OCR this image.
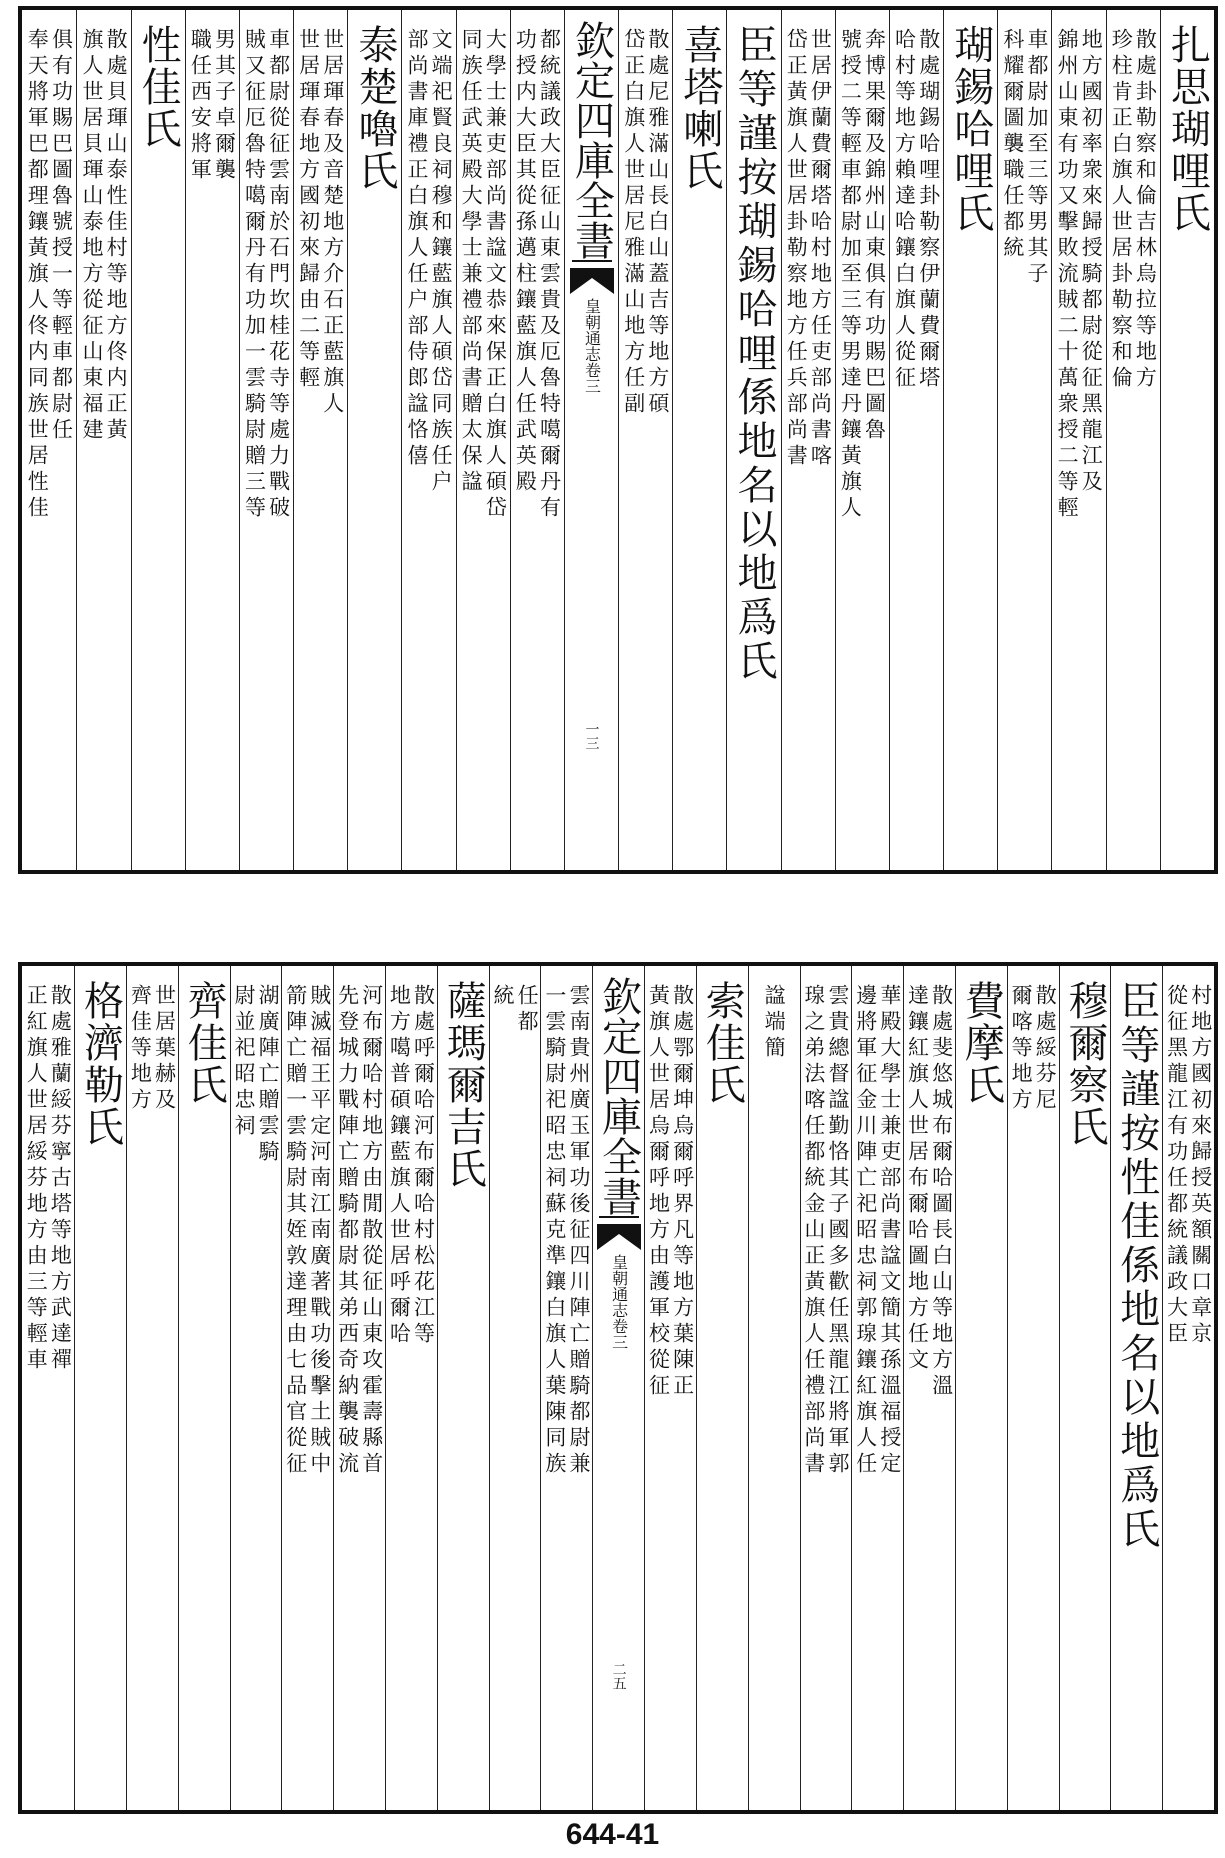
扎思瑚哩氏
散處卦勒察和倫吉林烏拉等地方
珍柱肯正白旗人世居卦勒察和倫
地方國初率衆來歸授騎都尉從征黑龍江及
錦州山東有功又擊敗流賊二十萬衆授二等輕
車都尉加至三等男其子
科耀爾圖襲職任都統
瑚錫哈哩氏
散處瑚錫哈哩卦勒察伊蘭費爾塔
哈村等地方賴達哈鑲白旗人從征
奔博果爾及錦州山東俱有功賜巴圖魯
號授二等輕車都尉加至三等男達丹鑲黃旗人
世居伊蘭費爾塔哈村地方任吏部尚書喀
岱正黃旗人世居卦勒察地方任兵部尚書
臣等謹按瑚錫哈哩係地名以地爲氏
喜塔喇氏
散處尼雅滿山長白山蓋吉等地方碩
岱正白旗人世居尼雅滿山地方任副
欽定四庫全書
皇朝通志
卷三
一三
都統議政大臣征山東雲貴及厄魯特噶爾丹有
功授内大臣其從孫邁柱鑲藍旗人任武英殿
大學士兼吏部尚書諡文恭來保正白旗人碩岱
同族任武英殿大學士兼禮部尚書贈太保諡
文端祀賢良祠穆和鑲藍旗人碩岱同族任户
部尚書庫禮正白旗人任户部侍郎諡恪僖
泰楚嚕氏
世居琿春及音楚地方介石正藍旗人
世居琿春地方國初來歸由二等輕
車都尉從征雲南於石門坎桂花寺等處力戰破
賊又征厄魯特噶爾丹有功加一雲騎尉贈三等
男其子卓爾襲
職任西安將軍
性佳氏
散處貝琿山泰性佳村等地方佟内正黃
旗人世居貝琿山泰地方從征山東福建
俱有功賜巴圖魯號授一等輕車都尉任
奉天將軍巴都理鑲黃旗人佟内同族世居性佳
村地方國初來歸授英額關口章京
從征黑龍江有功任都統議政大臣
臣等謹按性佳係地名以地爲氏
穆爾察氏
散處綏芬尼
爾喀等地方
費摩氏
散處斐悠城布爾哈圖長白山等地方溫
達鑲紅旗人世居布爾哈圖地方任文
華殿大學士兼吏部尚書諡文簡其孫溫福授定
邊將軍征金川陣亡祀昭忠祠郭瑔鑲紅旗人任
雲貴總督諡勤恪其子國多歡任黑龍江將軍郭
瑔之弟法喀任都統金山正黃旗人任禮部尚書
諡端簡
索佳氏
散處鄂爾坤烏爾呼界凡等地方葉陳正
黃旗人世居烏爾呼地方由護軍校從征
欽定四庫全書
皇朝通志
卷三
二五
雲南貴州廣玉軍功後征四川陣亡贈騎都尉兼
一雲騎尉祀昭忠祠蘇克準鑲白旗人葉陳同族
任都
統
薩瑪爾吉氏
散處呼爾哈河布爾哈村松花江等
地方噶普碩鑲藍旗人世居呼爾哈
河布爾哈村地方由閒散從征山東攻霍壽縣首
先登城力戰陣亡贈騎都尉其弟西奇納襲破流
賊滅福王平定河南江南廣著戰功後擊土賊中
箭陣亡贈一雲騎尉其姪敦達理由七品官從征
湖廣陣亡贈雲騎
尉並祀昭忠祠
齊佳氏
世居葉赫及
齊佳等地方
格濟勒氏
散處雅蘭綏芬寧古塔等地方武達禪
正紅旗人世居綏芬地方由三等輕車
644-41
